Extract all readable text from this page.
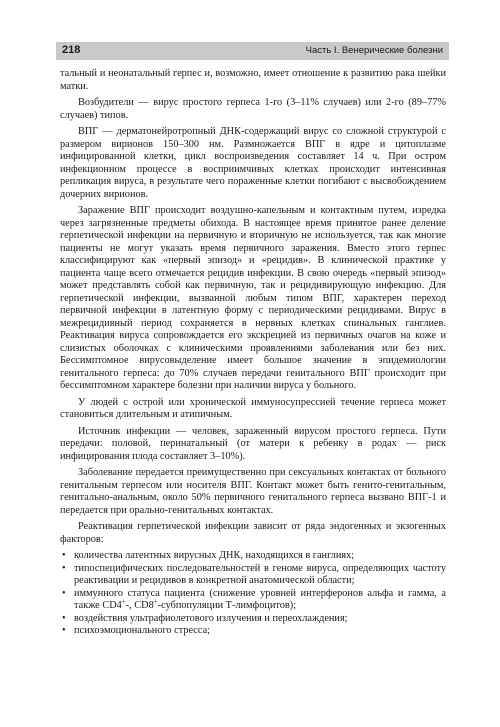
218	Часть I. Венерические болезни

тальный и неонатальный герпес и, возможно, имеет отношение к развитию рака шейки матки.

Возбудители — вирус простого герпеса 1-го (3–11% случаев) или 2-го (89–77% случаев) типов.

ВПГ — дерматонейротропный ДНК-содержащий вирус со сложной структурой с размером вирионов 150–300 нм. Размножается ВПГ в ядре и цитоплазме инфицированной клетки, цикл воспроизведения составляет 14 ч. При остром инфекционном процессе в восприимчивых клетках происходит интенсивная репликация вируса, в результате чего пораженные клетки погибают с высвобождением дочерних вирионов.

Заражение ВПГ происходит воздушно-капельным и контактным путем, изредка через загрязненные предметы обихода. В настоящее время принятое ранее деление герпетической инфекции на первичную и вторичную не используется, так как многие пациенты не могут указать время первичного заражения. Вместо этого герпес классифицируют как «первый эпизод» и «рецидив». В клинической практике у пациента чаще всего отмечается рецидив инфекции. В свою очередь «первый эпизод» может представлять собой как первичную, так и рецидивирующую инфекцию. Для герпетической инфекции, вызванной любым типом ВПГ, характерен переход первичной инфекции в латентную форму с периодическими рецидивами. Вирус в межрецидивный период сохраняется в нервных клетках спинальных ганглиев. Реактивация вируса сопровождается его экскрецией из первичных очагов на коже и слизистых оболочках с клиническими проявлениями заболевания или без них. Бессимптомное вирусовыделение имеет большое значение в эпидемиологии генитального герпеса: до 70% случаев передачи генитального ВПГ происходит при бессимптомном характере болезни при наличии вируса у больного.

У людей с острой или хронической иммуносупрессией течение герпеса может становиться длительным и атипичным.

Источник инфекции — человек, зараженный вирусом простого герпеса. Пути передачи: половой, перинатальный (от матери к ребенку в родах — риск инфицирования плода составляет 3–10%).

Заболевание передается преимущественно при сексуальных контактах от больного генитальным герпесом или носителя ВПГ. Контакт может быть генито-генитальным, генитально-анальным, около 50% первичного генитального герпеса вызвано ВПГ-1 и передается при орально-генитальных контактах.

Реактивация герпетической инфекции зависит от ряда эндогенных и экзогенных факторов:

• количества латентных вирусных ДНК, находящихся в ганглиях;
• типоспецифических последовательностей в геноме вируса, определяющих частоту реактивации и рецидивов в конкретной анатомической области;
• иммунного статуса пациента (снижение уровней интерферонов альфа и гамма, а также CD4+-, CD8+-субпопуляции Т-лимфоцитов);
• воздействия ультрафиолетового излучения и переохлаждения;
• психоэмоционального стресса;
